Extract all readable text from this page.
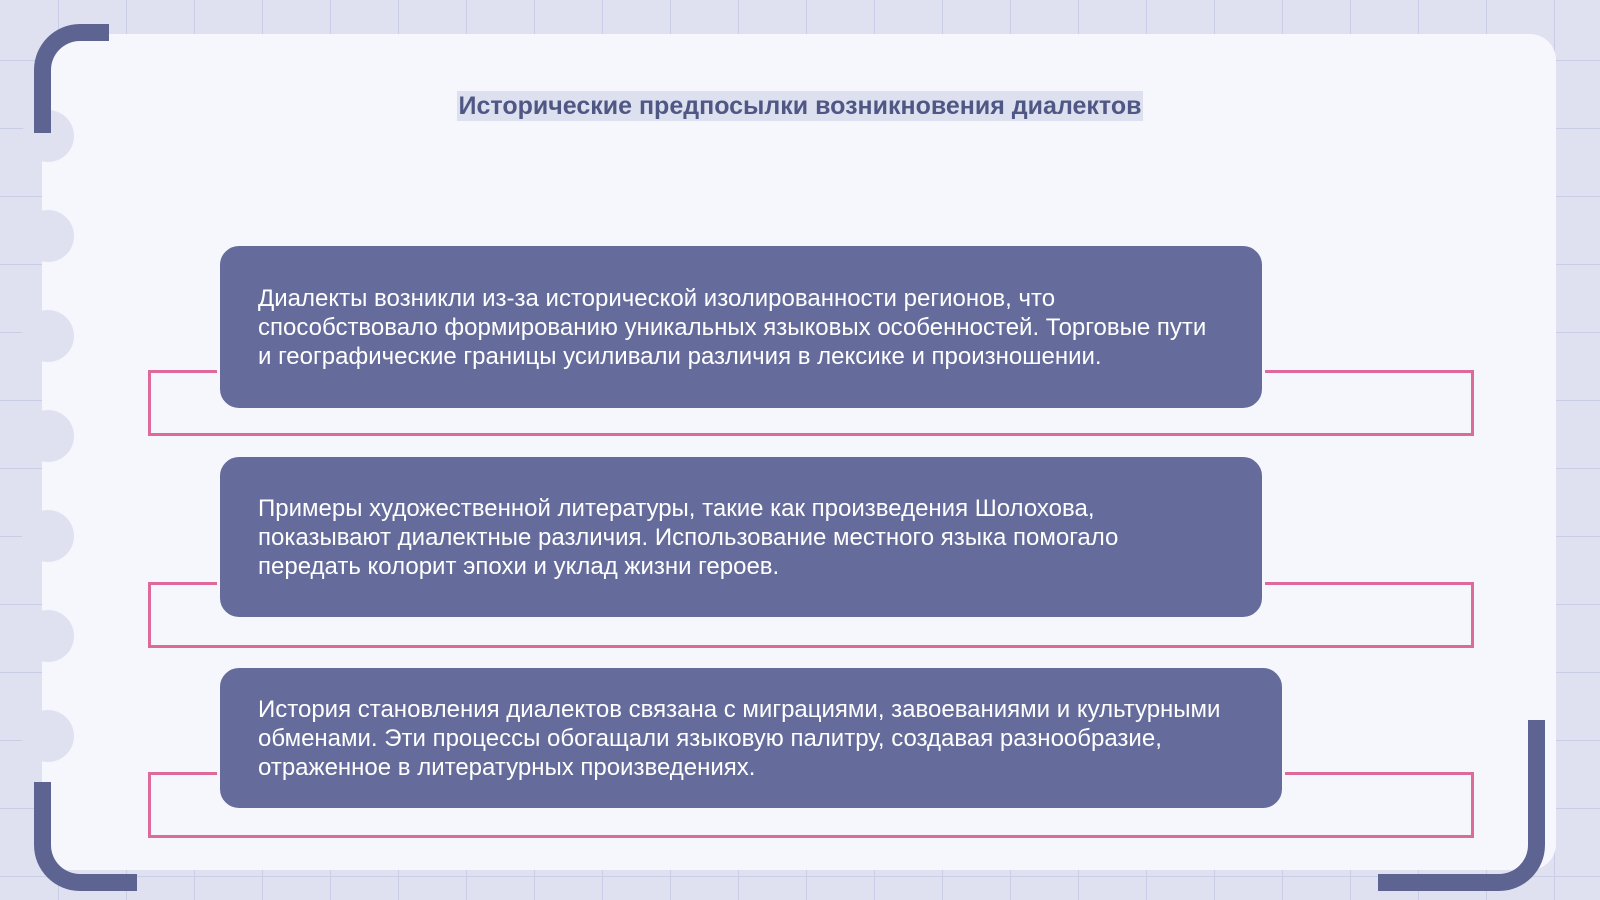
Исторические предпосылки возникновения диалектов

Диалекты возникли из-за исторической изолированности регионов, что способствовало формированию уникальных языковых особенностей. Торговые пути и географические границы усиливали различия в лексике и произношении.

Примеры художественной литературы, такие как произведения Шолохова, показывают диалектные различия. Использование местного языка помогало передать колорит эпохи и уклад жизни героев.

История становления диалектов связана с миграциями, завоеваниями и культурными обменами. Эти процессы обогащали языковую палитру, создавая разнообразие, отраженное в литературных произведениях.
